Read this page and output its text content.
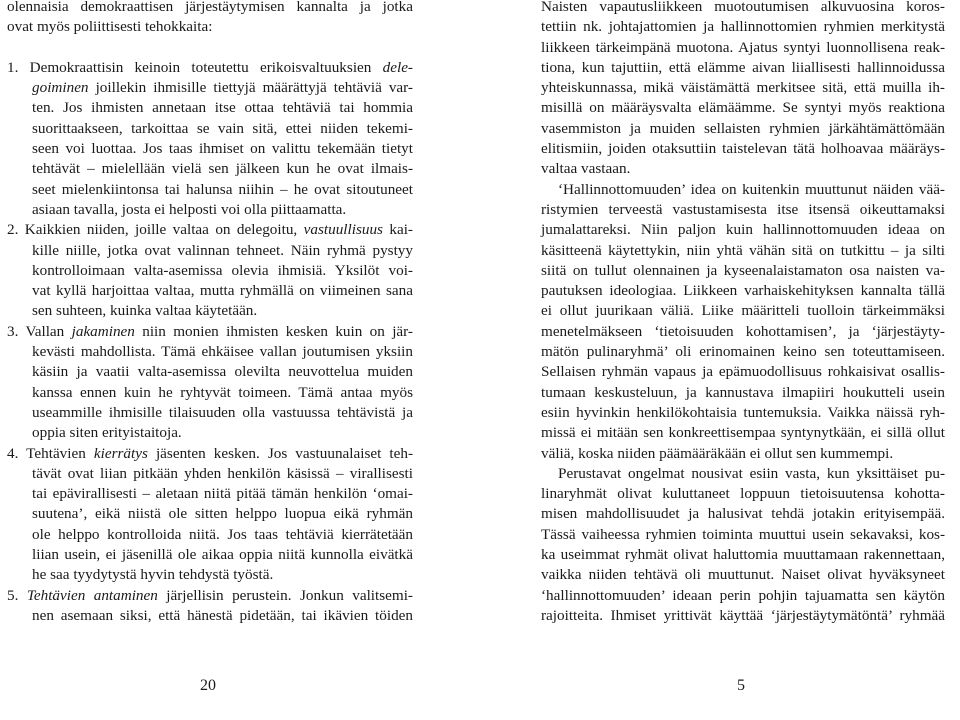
olennaisia demokraattisen järjestäytymisen kannalta ja jotka
ovat myös poliittisesti tehokkaita:

1. Demokraattisin keinoin toteutettu erikoisvaltuuksien dele-
goiminen joillekin ihmisille tiettyjä määrättyjä tehtäviä var-
ten. Jos ihmisten annetaan itse ottaa tehtäviä tai hommia
suorittaakseen, tarkoittaa se vain sitä, ettei niiden tekemi-
seen voi luottaa. Jos taas ihmiset on valittu tekemään tietyt
tehtävät – mielellään vielä sen jälkeen kun he ovat ilmais-
seet mielenkiintonsa tai halunsa niihin – he ovat sitoutuneet
asiaan tavalla, josta ei helposti voi olla piittaamatta.
2. Kaikkien niiden, joille valtaa on delegoitu, vastuullisuus kai-
kille niille, jotka ovat valinnan tehneet. Näin ryhmä pystyy
kontrolloimaan valta-asemissa olevia ihmisiä. Yksilöt voi-
vat kyllä harjoittaa valtaa, mutta ryhmällä on viimeinen sana
sen suhteen, kuinka valtaa käytetään.
3. Vallan jakaminen niin monien ihmisten kesken kuin on jär-
kevästi mahdollista. Tämä ehkäisee vallan joutumisen yksiin
käsiin ja vaatii valta-asemissa olevilta neuvottelua muiden
kanssa ennen kuin he ryhtyvät toimeen. Tämä antaa myös
useammille ihmisille tilaisuuden olla vastuussa tehtävistä ja
oppia siten erityistaitoja.
4. Tehtävien kierrätys jäsenten kesken. Jos vastuunalaiset teh-
tävät ovat liian pitkään yhden henkilön käsissä – virallisesti
tai epävirallisesti – aletaan niitä pitää tämän henkilön ‘omai-
suutena’, eikä niistä ole sitten helppo luopua eikä ryhmän
ole helppo kontrolloida niitä. Jos taas tehtäviä kierrätetään
liian usein, ei jäsenillä ole aikaa oppia niitä kunnolla eivätkä
he saa tyydytystä hyvin tehdystä työstä.
5. Tehtävien antaminen järjellisin perustein. Jonkun valitsemi-
nen asemaan siksi, että hänestä pidetään, tai ikävien töiden
20
Naisten vapautusliikkeen muotoutumisen alkuvuosina koros-
tettiin nk. johtajattomien ja hallinnottomien ryhmien merkitystä
liikkeen tärkeimpänä muotona. Ajatus syntyi luonnollisena reak-
tiona, kun tajuttiin, että elämme aivan liiallisesti hallinnoidussa
yhteiskunnassa, mikä väistämättä merkitsee sitä, että muilla ih-
misillä on määräysvalta elämäämme. Se syntyi myös reaktiona
vasemmiston ja muiden sellaisten ryhmien järkähtämättömään
elitismiin, joiden otaksuttiin taistelevan tätä holhoavaa määräys-
valtaa vastaan.
‘Hallinnottomuuden’ idea on kuitenkin muuttunut näiden vää-
ristymien terveestä vastustamisesta itse itsensä oikeuttamaksi
jumalattareksi. Niin paljon kuin hallinnottomuuden ideaa on
käsitteenä käytettykin, niin yhtä vähän sitä on tutkittu – ja silti
siitä on tullut olennainen ja kyseenalaistamaton osa naisten va-
pautuksen ideologiaa. Liikkeen varhaiskehityksen kannalta tällä
ei ollut juurikaan väliä. Liike määritteli tuolloin tärkeimmäksi
menetelmäkseen ‘tietoisuuden kohottamisen’, ja ‘järjestäyty-
mätön pulinaryhmä’ oli erinomainen keino sen toteuttamiseen.
Sellaisen ryhmän vapaus ja epämuodollisuus rohkaisivat osallis-
tumaan keskusteluun, ja kannustava ilmapiiri houkutteli usein
esiin hyvinkin henkilökohtaisia tuntemuksia. Vaikka näissä ryh-
missä ei mitään sen konkreettisempaa syntynytkään, ei sillä ollut
väliä, koska niiden päämääräkään ei ollut sen kummempi.
Perustavat ongelmat nousivat esiin vasta, kun yksittäiset pu-
linaryhmät olivat kuluttaneet loppuun tietoisuutensa kohotta-
misen mahdollisuudet ja halusivat tehdä jotakin erityisempää.
Tässä vaiheessa ryhmien toiminta muuttui usein sekavaksi, kos-
ka useimmat ryhmät olivat haluttomia muuttamaan rakennettaan,
vaikka niiden tehtävä oli muuttunut. Naiset olivat hyväksyneet
‘hallinnottomuuden’ ideaan perin pohjin tajuamatta sen käytön
rajoitteita. Ihmiset yrittivät käyttää ‘järjestäytymätöntä’ ryhmää
5
